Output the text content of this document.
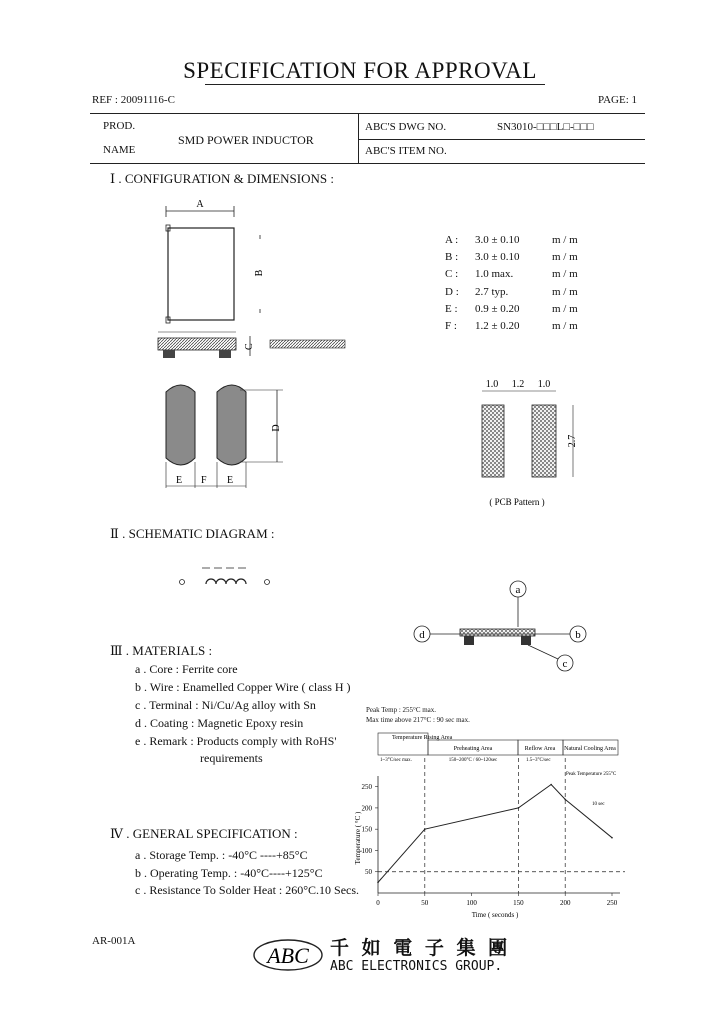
SPECIFICATION FOR APPROVAL
REF : 20091116-C	PAGE: 1
PROD.
NAME
SMD POWER INDUCTOR
ABC'S DWG NO.	SN3010-□□□L□-□□□
ABC'S ITEM NO.
Ⅰ . CONFIGURATION & DIMENSIONS :
A : 3.0 ± 0.10	m / m
B : 3.0 ± 0.10	m / m
C : 1.0 max.	m / m
D : 2.7 typ.	m / m
E : 0.9 ± 0.20	m / m
F : 1.2 ± 0.20	m / m
A
B
C
D
E F E
1.0 1.2 1.0
2.7
( PCB Pattern )
Ⅱ . SCHEMATIC DIAGRAM :
a
d	b
c
Ⅲ . MATERIALS :
a . Core : Ferrite core
b . Wire : Enamelled Copper Wire ( class H )
c . Terminal : Ni/Cu/Ag alloy with Sn
d . Coating : Magnetic Epoxy resin
e . Remark : Products comply with RoHS'
requirements
Peak Temp : 255°C max.
Max time above 217°C : 90 sec max.
Temperature Rising Area
Preheating Area	Reflow Area Natural Cooling Area
1~3°C/sec max.	150~200°C / 60~120sec	1.5~3°C/sec
Peak Temperature 255°C
10 sec
0	50	100	150	200	250
50
100
150
200
250
Time ( seconds )
Temperature ( °C )
Ⅳ . GENERAL SPECIFICATION :
a . Storage Temp. : -40°C ----+85°C
b . Operating Temp. : -40°C----+125°C
c . Resistance To Solder Heat : 260°C.10 Secs.
AR-001A
ABC 千 如 電 子 集 團
ABC ELECTRONICS GROUP.
